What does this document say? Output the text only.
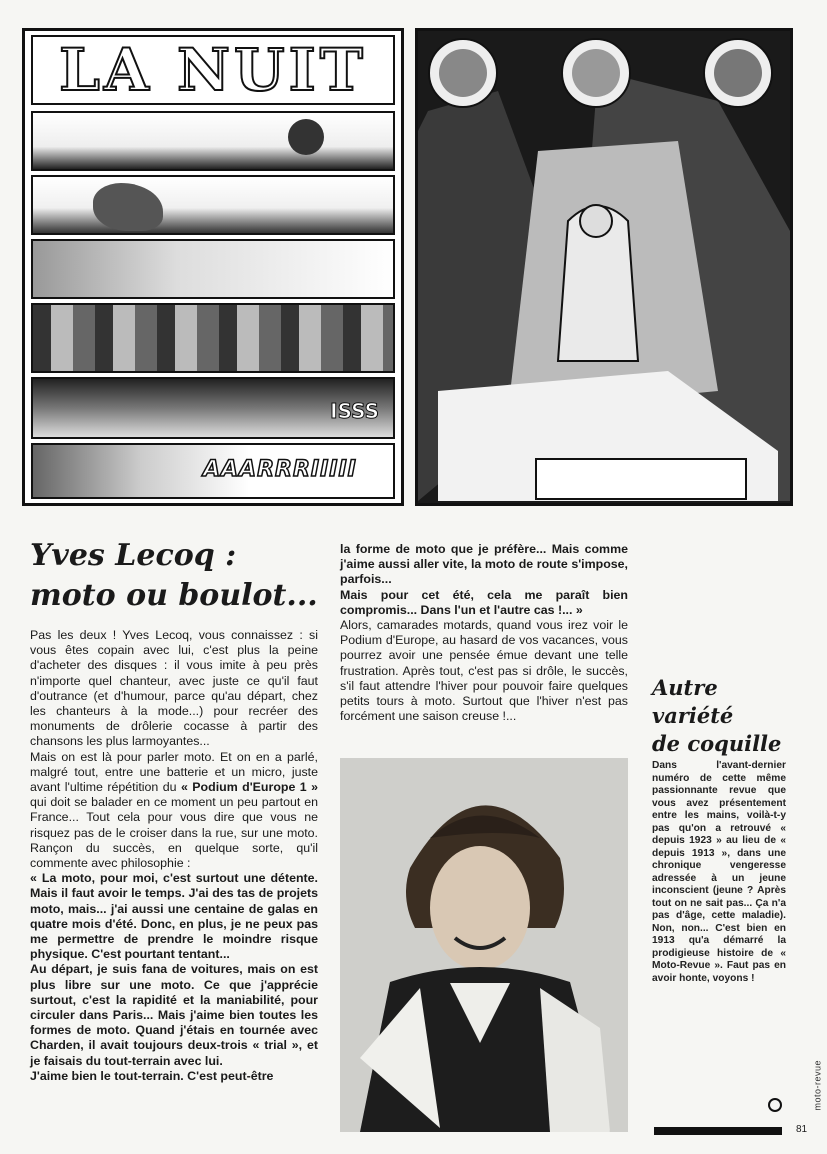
LA NUIT
ISSS
AAARRRIIIII
Yves Lecoq :
moto ou boulot...

Pas les deux ! Yves Lecoq, vous connaissez : si vous êtes copain avec lui, c'est plus la peine d'acheter des disques : il vous imite à peu près n'importe quel chanteur, avec juste ce qu'il faut d'outrance (et d'humour, parce qu'au départ, chez les chanteurs à la mode...) pour recréer des monuments de drôlerie cocasse à partir des chansons les plus larmoyantes...

Mais on est là pour parler moto. Et on en a parlé, malgré tout, entre une batterie et un micro, juste avant l'ultime répétition du « Podium d'Europe 1 » qui doit se balader en ce moment un peu partout en France... Tout cela pour vous dire que vous ne risquez pas de le croiser dans la rue, sur une moto. Rançon du succès, en quelque sorte, qu'il commente avec philosophie :

« La moto, pour moi, c'est surtout une détente. Mais il faut avoir le temps. J'ai des tas de projets moto, mais... j'ai aussi une centaine de galas en quatre mois d'été. Donc, en plus, je ne peux pas me permettre de prendre le moindre risque physique. C'est pourtant tentant...

Au départ, je suis fana de voitures, mais on est plus libre sur une moto. Ce que j'apprécie surtout, c'est la rapidité et la maniabilité, pour circuler dans Paris... Mais j'aime bien toutes les formes de moto. Quand j'étais en tournée avec Charden, il avait toujours deux-trois « trial », et je faisais du tout-terrain avec lui.

J'aime bien le tout-terrain. C'est peut-être

la forme de moto que je préfère... Mais comme j'aime aussi aller vite, la moto de route s'impose, parfois...

Mais pour cet été, cela me paraît bien compromis... Dans l'un et l'autre cas !... »

Alors, camarades motards, quand vous irez voir le Podium d'Europe, au hasard de vos vacances, vous pourrez avoir une pensée émue devant une telle frustration. Après tout, c'est pas si drôle, le succès, s'il faut attendre l'hiver pour pouvoir faire quelques petits tours à moto. Surtout que l'hiver n'est pas forcément une saison creuse !...

Autre
variété
de coquille
Dans l'avant-dernier numéro de cette même passionnante revue que vous avez présentement entre les mains, voilà-t-y pas qu'on a retrouvé « depuis 1923 » au lieu de « depuis 1913 », dans une chronique vengeresse adressée à un jeune inconscient (jeune ? Après tout on ne sait pas... Ça n'a pas d'âge, cette maladie). Non, non... C'est bien en 1913 qu'a démarré la prodigieuse histoire de « Moto-Revue ». Faut pas en avoir honte, voyons !
moto-revue
81
